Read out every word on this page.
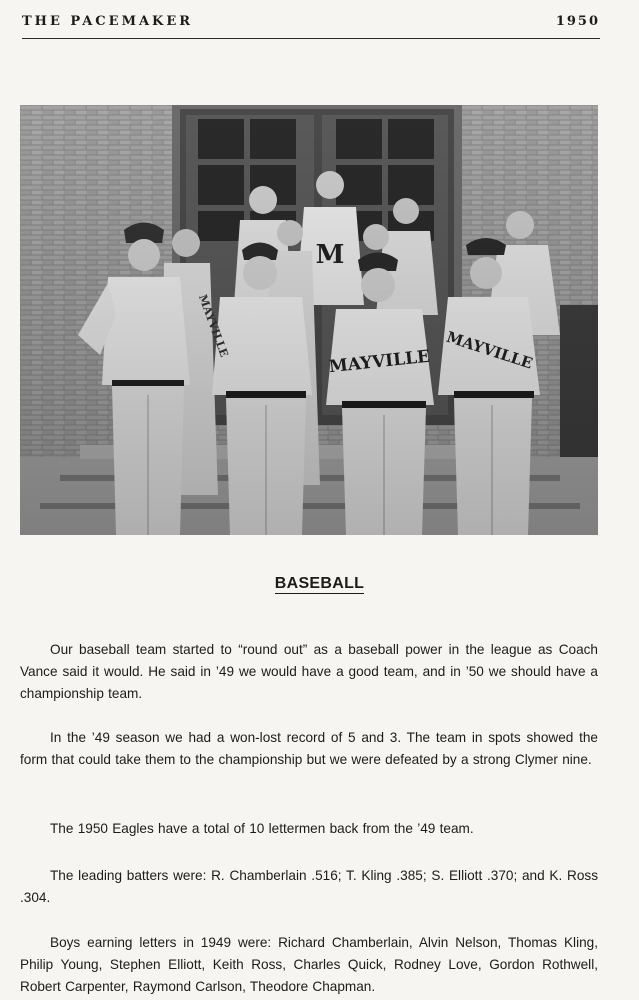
THE PACEMAKER	1950
BASEBALL

Our baseball team started to “round out” as a baseball power in the league as Coach Vance said it would. He said in ’49 we would have a good team, and in ’50 we should have a championship team.

In the ’49 season we had a won-lost record of 5 and 3. The team in spots showed the form that could take them to the championship but we were defeated by a strong Clymer nine.

The 1950 Eagles have a total of 10 lettermen back from the ’49 team.

The leading batters were: R. Chamberlain .516; T. Kling .385; S. Elliott .370; and K. Ross .304.

Boys earning letters in 1949 were: Richard Chamberlain, Alvin Nelson, Thomas Kling, Philip Young, Stephen Elliott, Keith Ross, Charles Quick, Rodney Love, Gordon Rothwell, Robert Carpenter, Raymond Carlson, Theodore Chapman.
